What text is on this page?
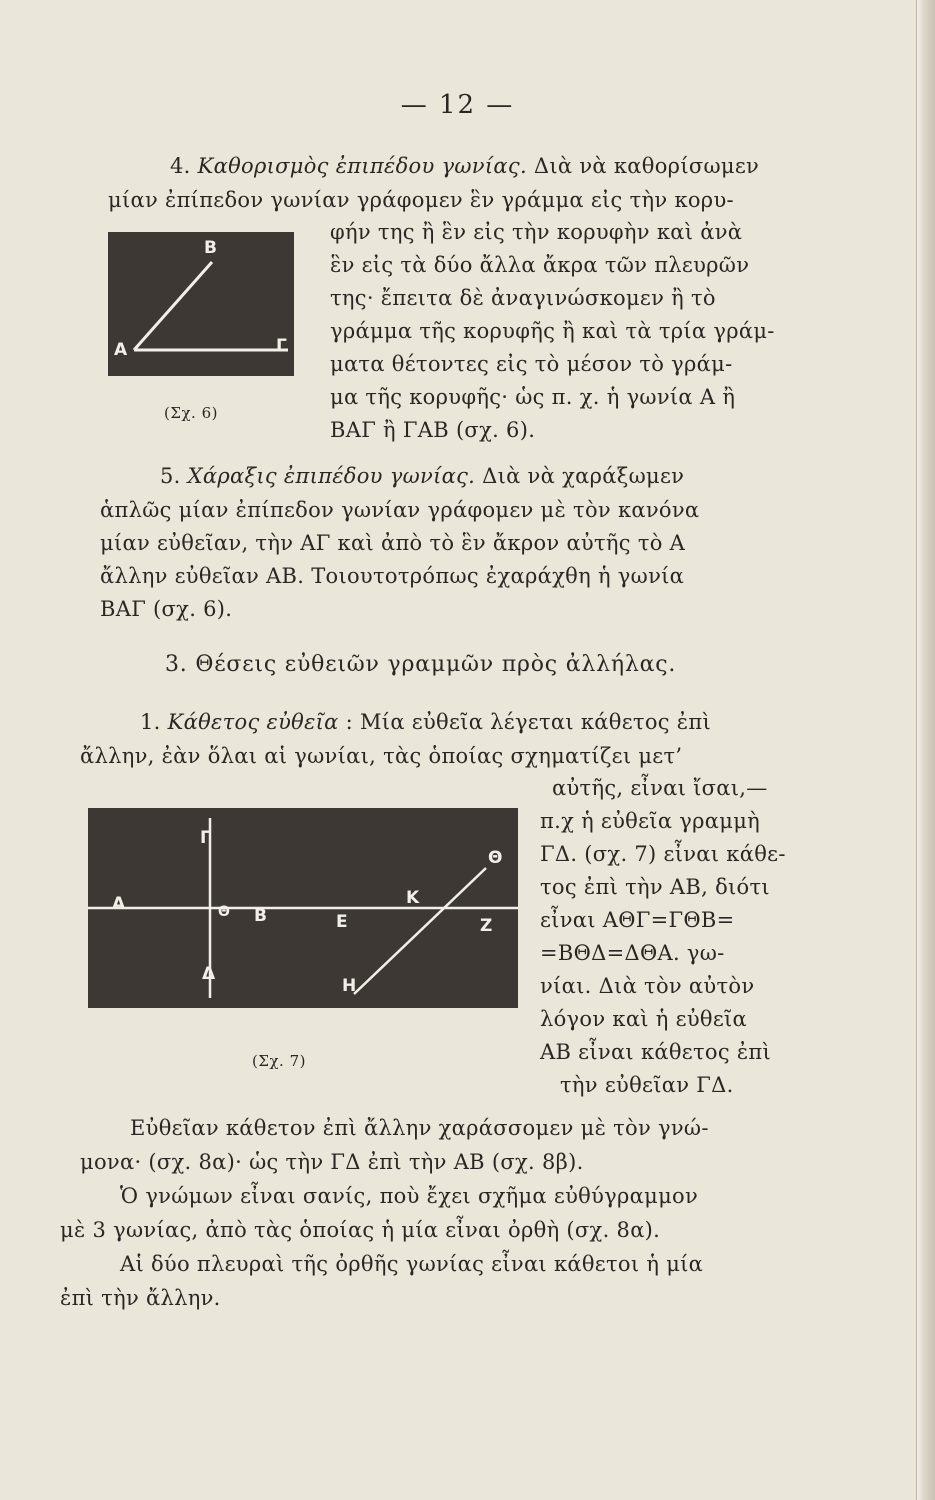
— 12 —

4. Καθορισμὸς ἐπιπέδου γωνίας. Διὰ νὰ καθορίσωμεν

μίαν ἐπίπεδον γωνίαν γράφομεν ἓν γράμμα εἰς τὴν κορυ-

Β
Α	Γ
(Σχ. 6)

φήν της ἢ ἓν εἰς τὴν κορυφὴν καὶ ἀνὰ

ἓν εἰς τὰ δύο ἄλλα ἄκρα τῶν πλευρῶν

της· ἔπειτα δὲ ἀναγινώσκομεν ἢ τὸ

γράμμα τῆς κορυφῆς ἢ καὶ τὰ τρία γράμ-

ματα θέτοντες εἰς τὸ μέσον τὸ γράμ-

μα τῆς κορυφῆς· ὡς π. χ. ἡ γωνία Α ἢ

ΒΑΓ ἢ ΓΑΒ (σχ. 6).

5. Χάραξις ἐπιπέδου γωνίας. Διὰ νὰ χαράξωμεν

ἁπλῶς μίαν ἐπίπεδον γωνίαν γράφομεν μὲ τὸν κανόνα

μίαν εὐθεῖαν, τὴν ΑΓ καὶ ἀπὸ τὸ ἓν ἄκρον αὐτῆς τὸ Α

ἄλλην εὐθεῖαν ΑΒ. Τοιουτοτρόπως ἐχαράχθη ἡ γωνία

ΒΑΓ (σχ. 6).

3. Θέσεις εὐθειῶν γραμμῶν πρὸς ἀλλήλας.

1. Κάθετος εὐθεῖα : Μία εὐθεῖα λέγεται κάθετος ἐπὶ

ἄλλην, ἐὰν ὅλαι αἱ γωνίαι, τὰς ὁποίας σχηματίζει μετ’

Γ
Α	Θ Β
Δ
Ε
Κ
Ζ
Η
Θ
(Σχ. 7)

αὐτῆς, εἶναι ἴσαι,—

π.χ ἡ εὐθεῖα γραμμὴ

ΓΔ. (σχ. 7) εἶναι κάθε-

τος ἐπὶ τὴν ΑΒ, διότι

εἶναι ΑΘΓ=ΓΘΒ=

=ΒΘΔ=ΔΘΑ. γω-

νίαι. Διὰ τὸν αὐτὸν

λόγον καὶ ἡ εὐθεῖα

ΑΒ εἶναι κάθετος ἐπὶ

τὴν εὐθεῖαν ΓΔ.

Εὐθεῖαν κάθετον ἐπὶ ἄλλην χαράσσομεν μὲ τὸν γνώ-

μονα· (σχ. 8α)· ὡς τὴν ΓΔ ἐπὶ τὴν ΑΒ (σχ. 8β).

Ὁ γνώμων εἶναι σανίς, ποὺ ἔχει σχῆμα εὐθύγραμμον

μὲ 3 γωνίας, ἀπὸ τὰς ὁποίας ἡ μία εἶναι ὀρθὴ (σχ. 8α).

Αἱ δύο πλευραὶ τῆς ὀρθῆς γωνίας εἶναι κάθετοι ἡ μία

ἐπὶ τὴν ἄλλην.
